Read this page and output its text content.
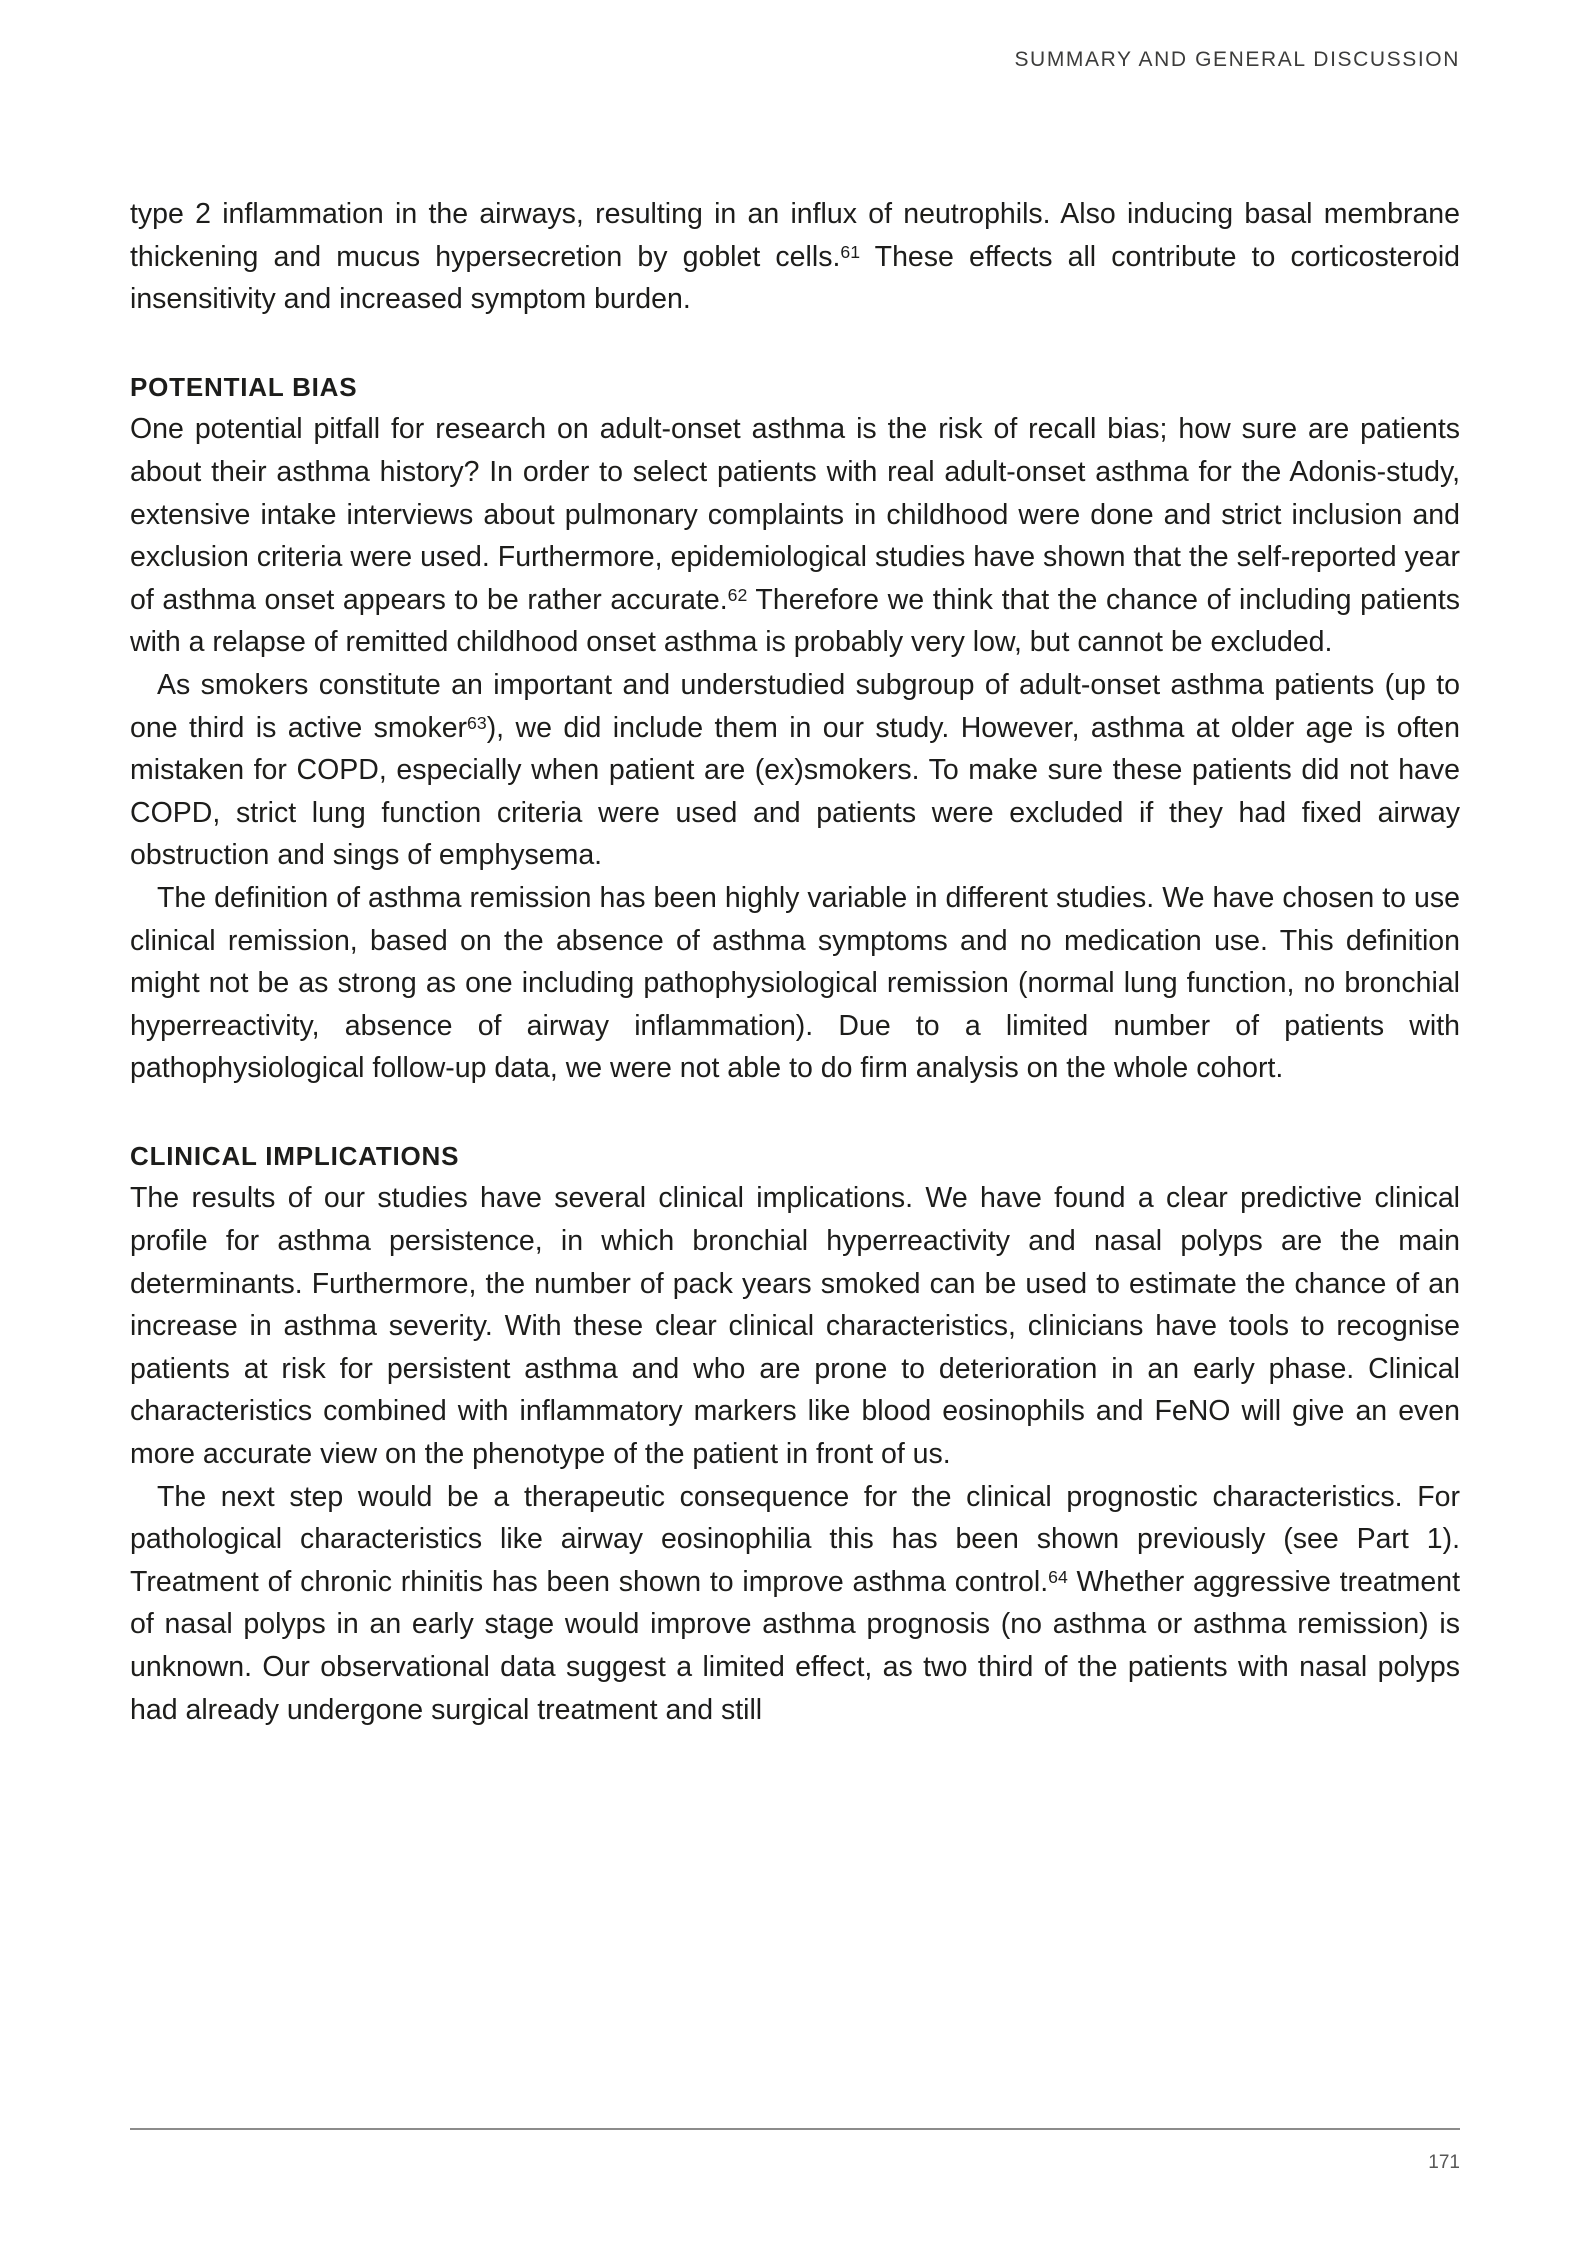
SUMMARY AND GENERAL DISCUSSION

type 2 inflammation in the airways, resulting in an influx of neutrophils. Also inducing basal membrane thickening and mucus hypersecretion by goblet cells.$^{61}$ These effects all contribute to corticosteroid insensitivity and increased symptom burden.

POTENTIAL BIAS

One potential pitfall for research on adult-onset asthma is the risk of recall bias; how sure are patients about their asthma history? In order to select patients with real adult-onset asthma for the Adonis-study, extensive intake interviews about pulmonary complaints in childhood were done and strict inclusion and exclusion criteria were used. Furthermore, epidemiological studies have shown that the self-reported year of asthma onset appears to be rather accurate.$^{62}$ Therefore we think that the chance of including patients with a relapse of remitted childhood onset asthma is probably very low, but cannot be excluded.

As smokers constitute an important and understudied subgroup of adult-onset asthma patients (up to one third is active smoker$^{63}$), we did include them in our study. However, asthma at older age is often mistaken for COPD, especially when patient are (ex)smokers. To make sure these patients did not have COPD, strict lung function criteria were used and patients were excluded if they had fixed airway obstruction and sings of emphysema.

The definition of asthma remission has been highly variable in different studies. We have chosen to use clinical remission, based on the absence of asthma symptoms and no medication use. This definition might not be as strong as one including pathophysiological remission (normal lung function, no bronchial hyperreactivity, absence of airway inflammation). Due to a limited number of patients with pathophysiological follow-up data, we were not able to do firm analysis on the whole cohort.

CLINICAL IMPLICATIONS

The results of our studies have several clinical implications. We have found a clear predictive clinical profile for asthma persistence, in which bronchial hyperreactivity and nasal polyps are the main determinants. Furthermore, the number of pack years smoked can be used to estimate the chance of an increase in asthma severity. With these clear clinical characteristics, clinicians have tools to recognise patients at risk for persistent asthma and who are prone to deterioration in an early phase. Clinical characteristics combined with inflammatory markers like blood eosinophils and FeNO will give an even more accurate view on the phenotype of the patient in front of us.

The next step would be a therapeutic consequence for the clinical prognostic characteristics. For pathological characteristics like airway eosinophilia this has been shown previously (see Part 1). Treatment of chronic rhinitis has been shown to improve asthma control.$^{64}$ Whether aggressive treatment of nasal polyps in an early stage would improve asthma prognosis (no asthma or asthma remission) is unknown. Our observational data suggest a limited effect, as two third of the patients with nasal polyps had already undergone surgical treatment and still

171
